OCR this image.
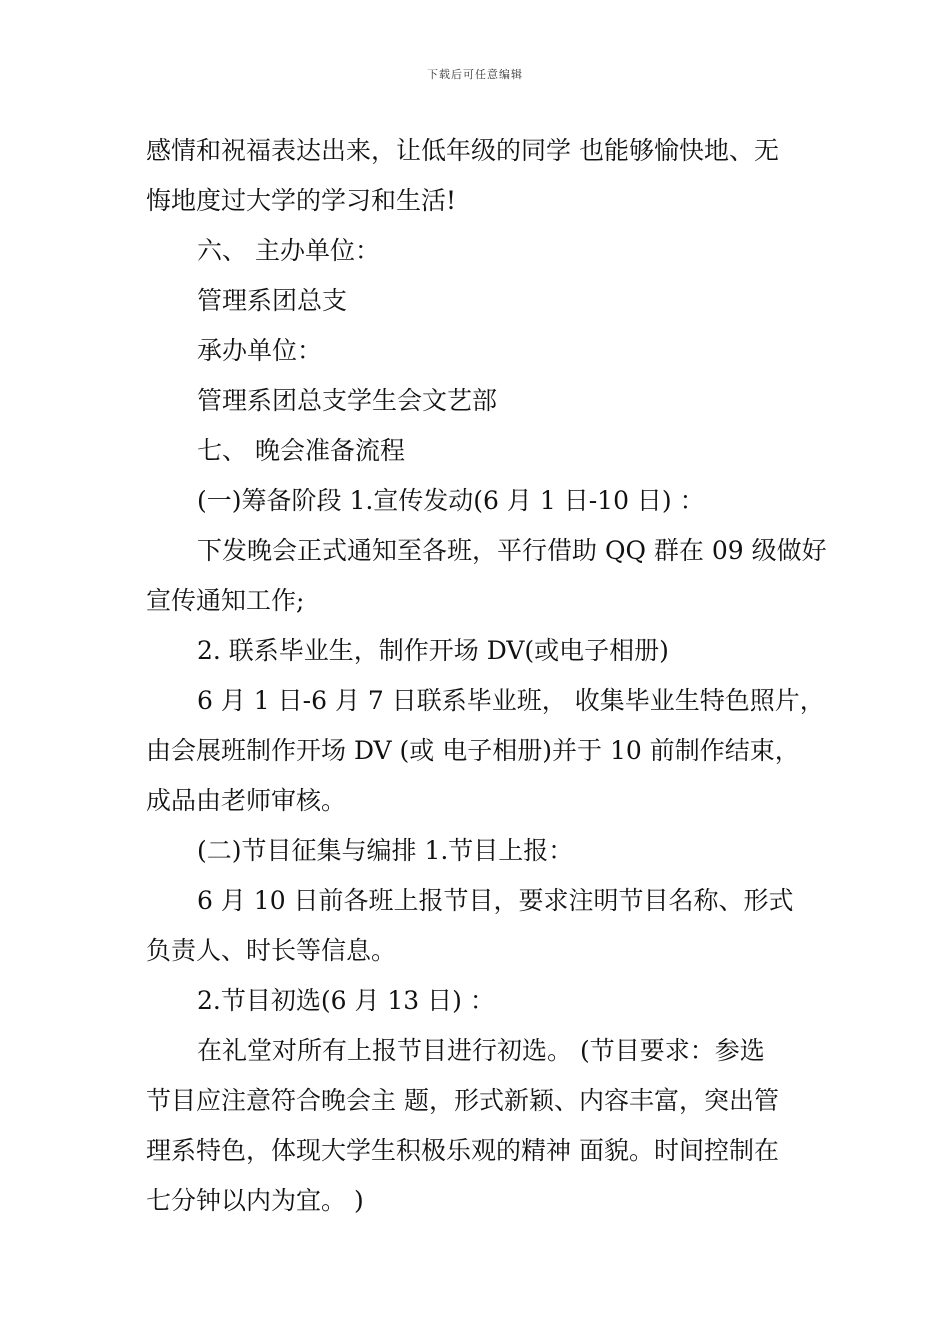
下载后可任意编辑
感情和祝福表达出来，让低年级的同学 也能够愉快地、无
悔地度过大学的学习和生活!
六、 主办单位：
管理系团总支
承办单位：
管理系团总支学生会文艺部
七、 晚会准备流程
(一)筹备阶段 1.宣传发动(6 月 1 日-10 日) ：
下发晚会正式通知至各班，平行借助 QQ 群在 09 级做好
宣传通知工作;
2. 联系毕业生，制作开场 DV(或电子相册)
6 月 1 日-6 月 7 日联系毕业班， 收集毕业生特色照片，
由会展班制作开场 DV (或 电子相册)并于 10 前制作结束，
成品由老师审核。
(二)节目征集与编排 1.节目上报：
6 月 10 日前各班上报节目，要求注明节目名称、形式
负责人、时长等信息。
2.节目初选(6 月 13 日) ：
在礼堂对所有上报节目进行初选。 (节目要求：参选
节目应注意符合晚会主 题，形式新颖、内容丰富，突出管
理系特色，体现大学生积极乐观的精神 面貌。时间控制在
七分钟以内为宜。 )
